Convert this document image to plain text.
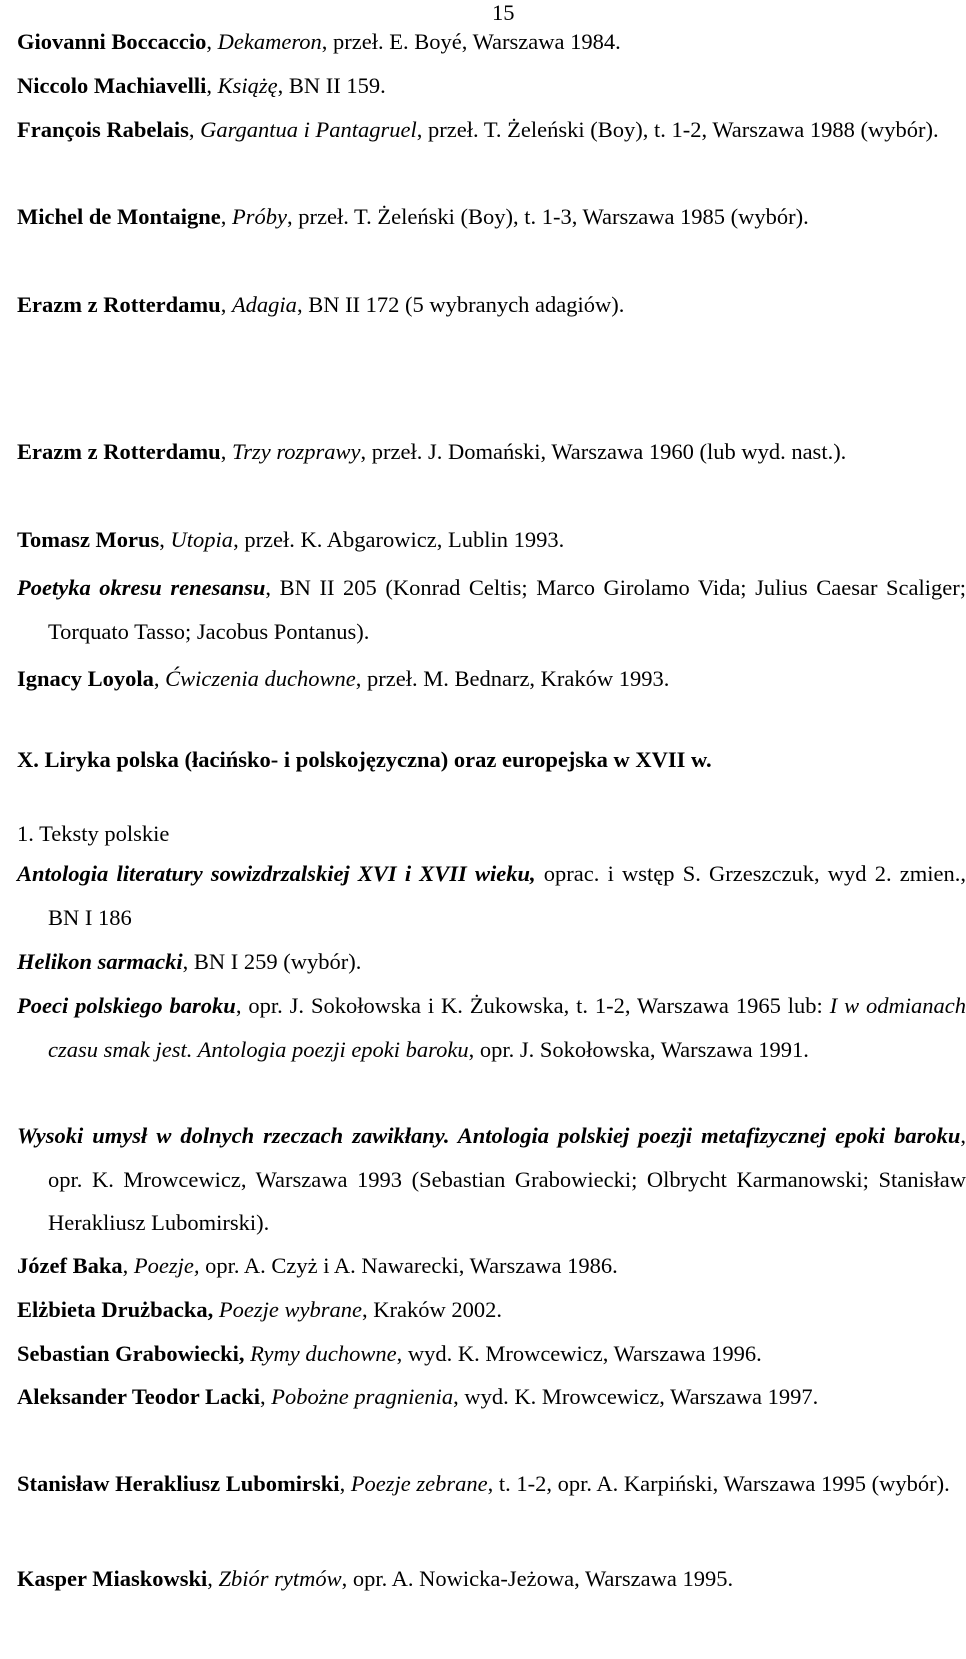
15
Giovanni Boccaccio, Dekameron, przeł. E. Boyé, Warszawa 1984.
Niccolo Machiavelli, Książę, BN II 159.
François Rabelais, Gargantua i Pantagruel, przeł. T. Żeleński (Boy), t. 1-2, Warszawa 1988 (wybór).
Michel de Montaigne, Próby, przeł. T. Żeleński (Boy), t. 1-3, Warszawa 1985 (wybór).
Erazm z Rotterdamu, Adagia, BN II 172 (5 wybranych adagiów).
Erazm z Rotterdamu, Trzy rozprawy, przeł. J. Domański, Warszawa 1960 (lub wyd. nast.).
Tomasz Morus, Utopia, przeł. K. Abgarowicz, Lublin 1993.
Poetyka okresu renesansu, BN II 205 (Konrad Celtis; Marco Girolamo Vida; Julius Caesar Scaliger; Torquato Tasso; Jacobus Pontanus).
Ignacy Loyola, Ćwiczenia duchowne, przeł. M. Bednarz, Kraków 1993.
X. Liryka polska (łacińsko- i polskojęzyczna) oraz europejska w XVII w.
1. Teksty polskie
Antologia literatury sowizdrzalskiej XVI i XVII wieku, oprac. i wstęp S. Grzeszczuk, wyd 2. zmien., BN I 186
Helikon sarmacki, BN I 259 (wybór).
Poeci polskiego baroku, opr. J. Sokołowska i K. Żukowska, t. 1-2, Warszawa 1965 lub: I w odmianach czasu smak jest. Antologia poezji epoki baroku, opr. J. Sokołowska, Warszawa 1991.
Wysoki umysł w dolnych rzeczach zawikłany. Antologia polskiej poezji metafizycznej epoki baroku, opr. K. Mrowcewicz, Warszawa 1993 (Sebastian Grabowiecki; Olbrycht Karmanowski; Stanisław Herakliusz Lubomirski).
Józef Baka, Poezje, opr. A. Czyż i A. Nawarecki, Warszawa 1986.
Elżbieta Drużbacka, Poezje wybrane, Kraków 2002.
Sebastian Grabowiecki, Rymy duchowne, wyd. K. Mrowcewicz, Warszawa 1996.
Aleksander Teodor Lacki, Pobożne pragnienia, wyd. K. Mrowcewicz, Warszawa 1997.
Stanisław Herakliusz Lubomirski, Poezje zebrane, t. 1-2, opr. A. Karpiński, Warszawa 1995 (wybór).
Kasper Miaskowski, Zbiór rytmów, opr. A. Nowicka-Jeżowa, Warszawa 1995.
